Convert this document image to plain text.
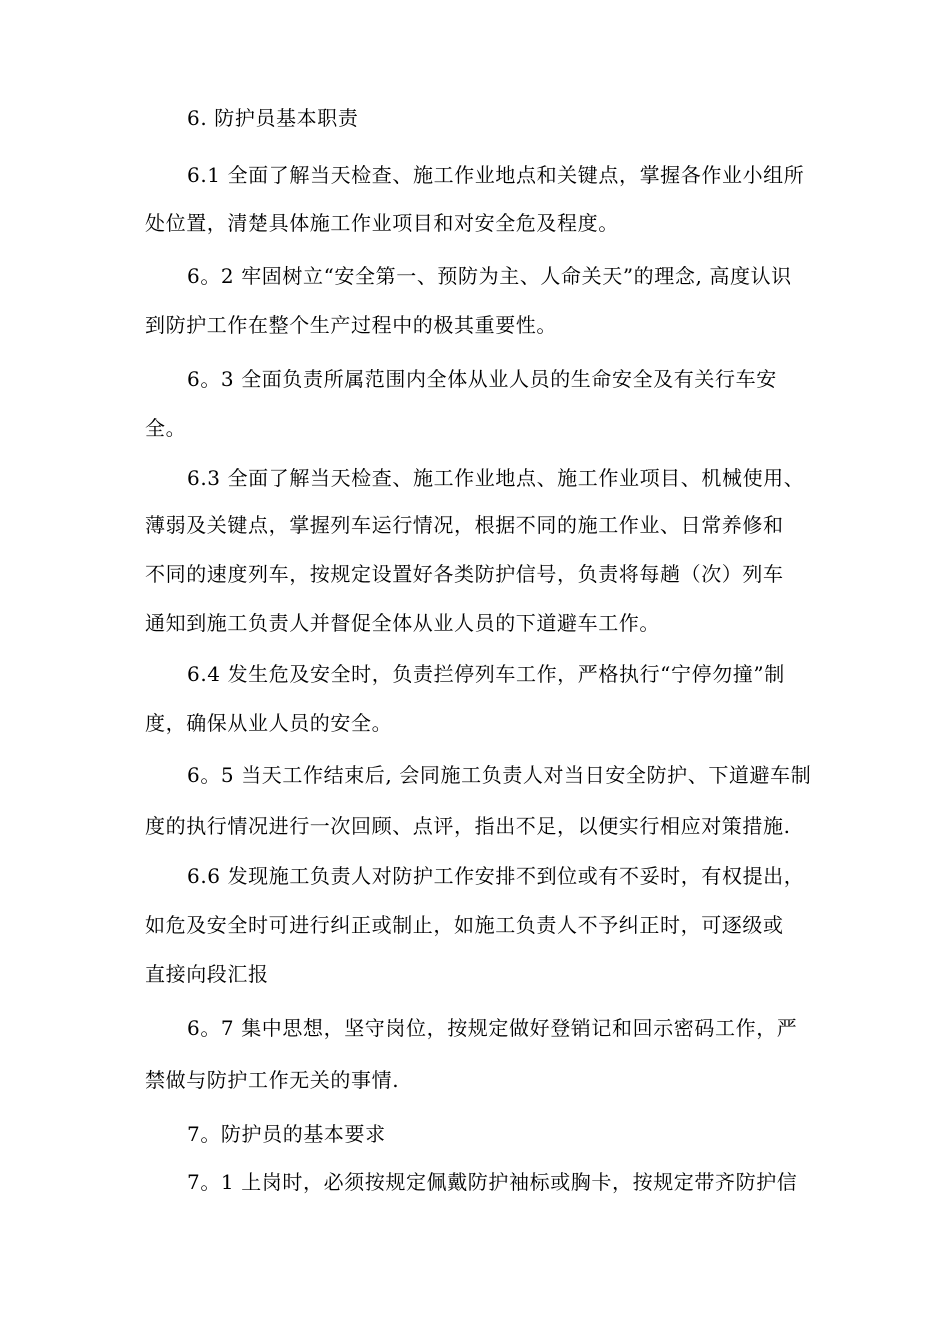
6. 防护员基本职责
6.1 全面了解当天检查、施工作业地点和关键点，掌握各作业小组所
处位置，清楚具体施工作业项目和对安全危及程度。
6。2 牢固树立“安全第一、预防为主、人命关天”的理念, 高度认识
到防护工作在整个生产过程中的极其重要性。
6。3 全面负责所属范围内全体从业人员的生命安全及有关行车安
全。
6.3 全面了解当天检查、施工作业地点、施工作业项目、机械使用、
薄弱及关键点，掌握列车运行情况，根据不同的施工作业、日常养修和
不同的速度列车，按规定设置好各类防护信号，负责将每趟（次）列车
通知到施工负责人并督促全体从业人员的下道避车工作。
6.4 发生危及安全时，负责拦停列车工作，严格执行“宁停勿撞”制
度，确保从业人员的安全。
6。5 当天工作结束后, 会同施工负责人对当日安全防护、下道避车制
度的执行情况进行一次回顾、点评，指出不足，以便实行相应对策措施.
6.6 发现施工负责人对防护工作安排不到位或有不妥时，有权提出，
如危及安全时可进行纠正或制止，如施工负责人不予纠正时，可逐级或
直接向段汇报
6。7 集中思想，坚守岗位，按规定做好登销记和回示密码工作，严
禁做与防护工作无关的事情.
7。防护员的基本要求
7。1 上岗时，必须按规定佩戴防护袖标或胸卡，按规定带齐防护信
